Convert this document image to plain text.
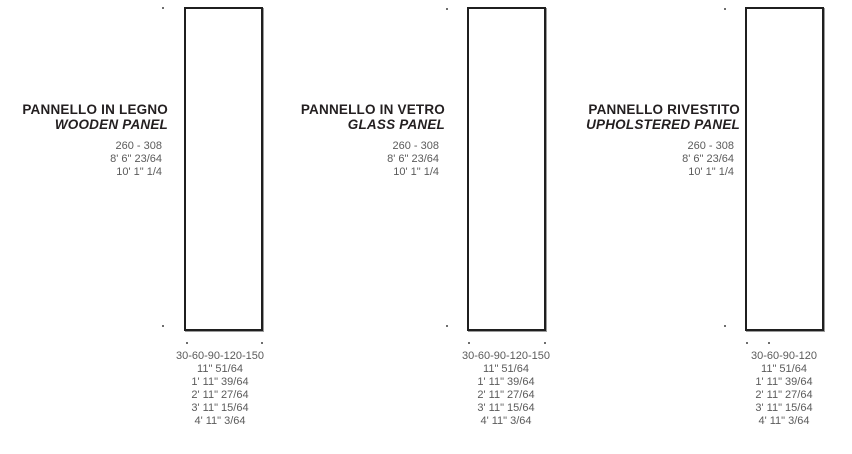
PANNELLO IN LEGNO
WOODEN PANEL
260 - 308
8' 6" 23/64
10' 1" 1/4
30-60-90-120-150
11" 51/64
1' 11" 39/64
2' 11" 27/64
3' 11" 15/64
4' 11" 3/64
PANNELLO IN VETRO
GLASS PANEL
260 - 308
8' 6" 23/64
10' 1" 1/4
30-60-90-120-150
11" 51/64
1' 11" 39/64
2' 11" 27/64
3' 11" 15/64
4' 11" 3/64
PANNELLO RIVESTITO
UPHOLSTERED PANEL
260 - 308
8' 6" 23/64
10' 1" 1/4
30-60-90-120
11" 51/64
1' 11" 39/64
2' 11" 27/64
3' 11" 15/64
4' 11" 3/64
